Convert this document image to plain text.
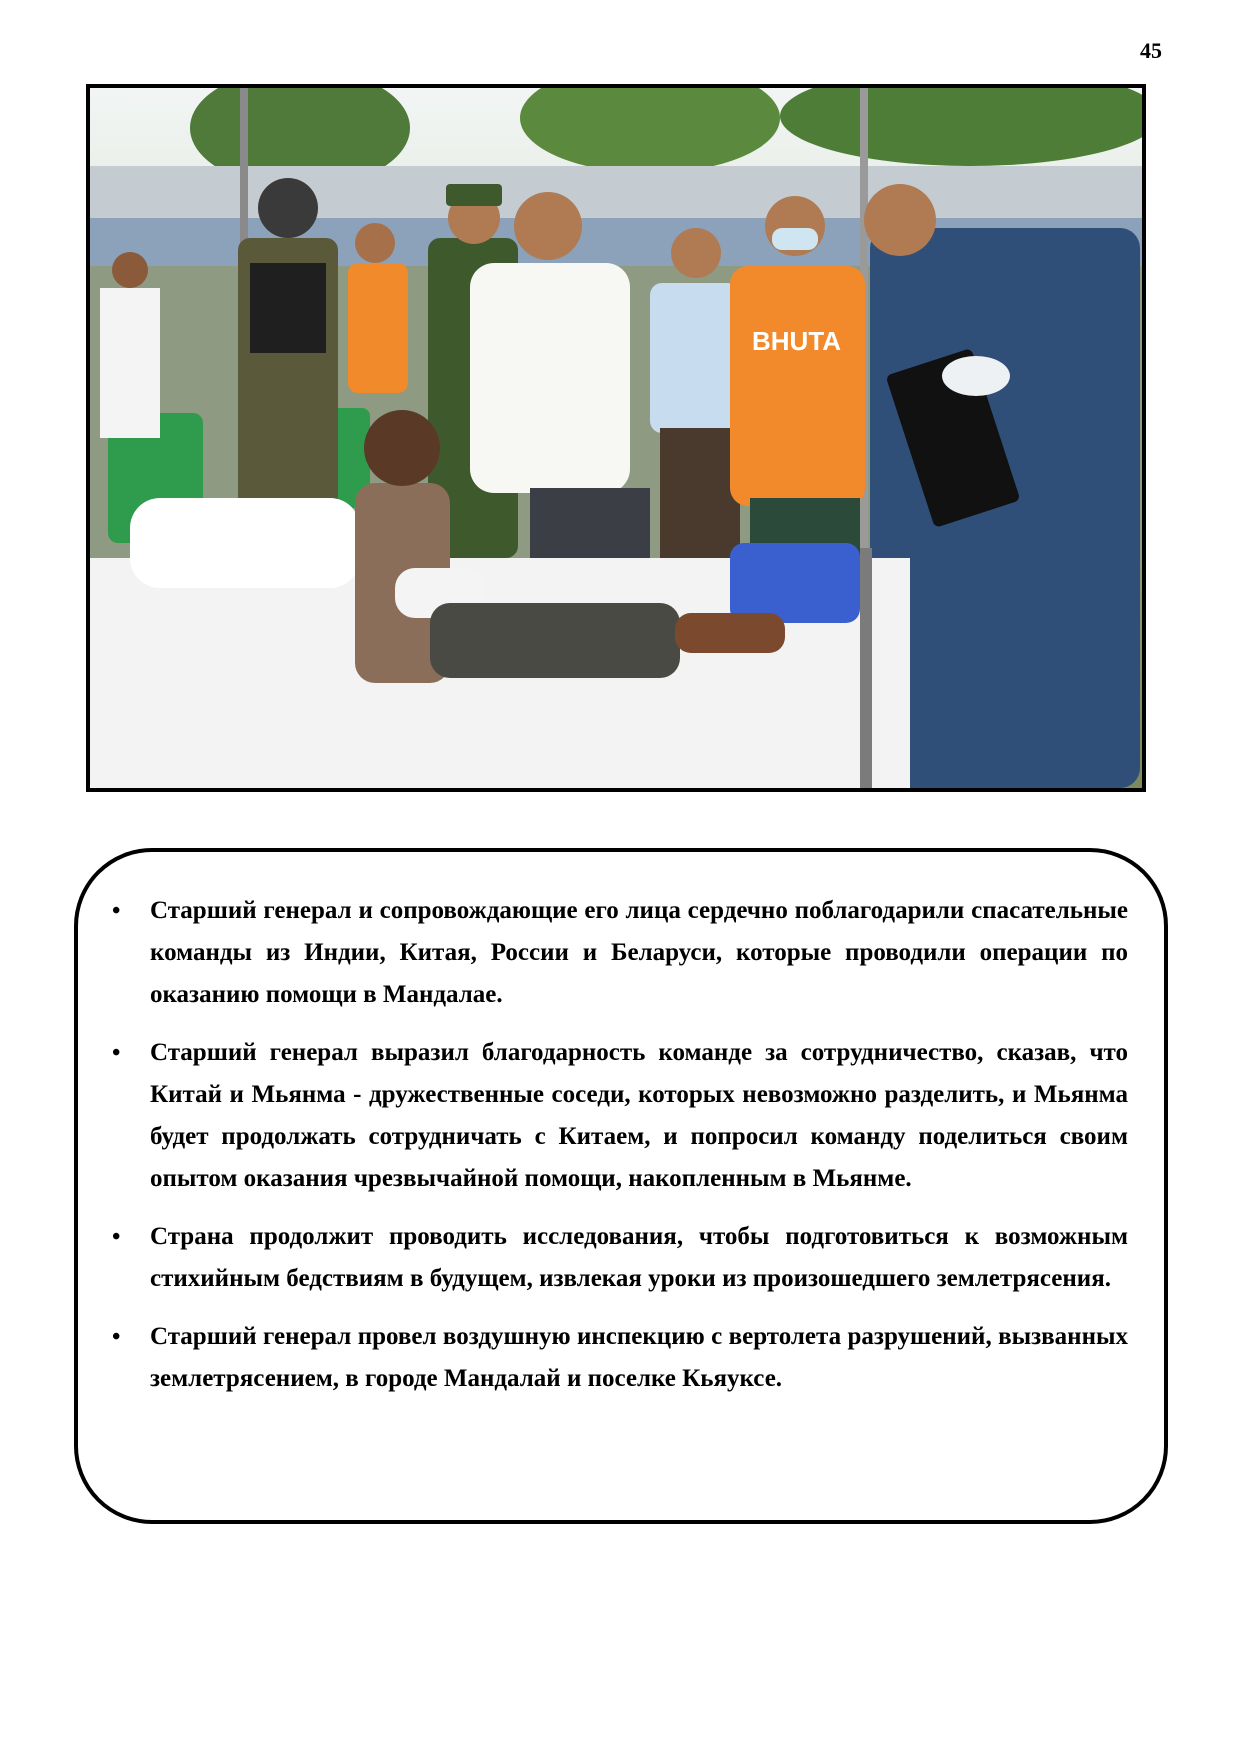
45
BHUTA
• Старший генерал и сопровождающие его лица сердечно поблагодарили спасательные команды из Индии, Китая, России и Беларуси, которые проводили операции по оказанию помощи в Мандалае.
• Старший генерал выразил благодарность команде за сотрудничество, сказав, что Китай и Мьянма - дружественные соседи, которых невозможно разделить, и Мьянма будет продолжать сотрудничать с Китаем, и попросил команду поделиться своим опытом оказания чрезвычайной помощи, накопленным в Мьянме.
• Страна продолжит проводить исследования, чтобы подготовиться к возможным стихийным бедствиям в будущем, извлекая уроки из произошедшего землетрясения.
• Старший генерал провел воздушную инспекцию с вертолета разрушений, вызванных землетрясением, в городе Мандалай и поселке Кьяуксе.
